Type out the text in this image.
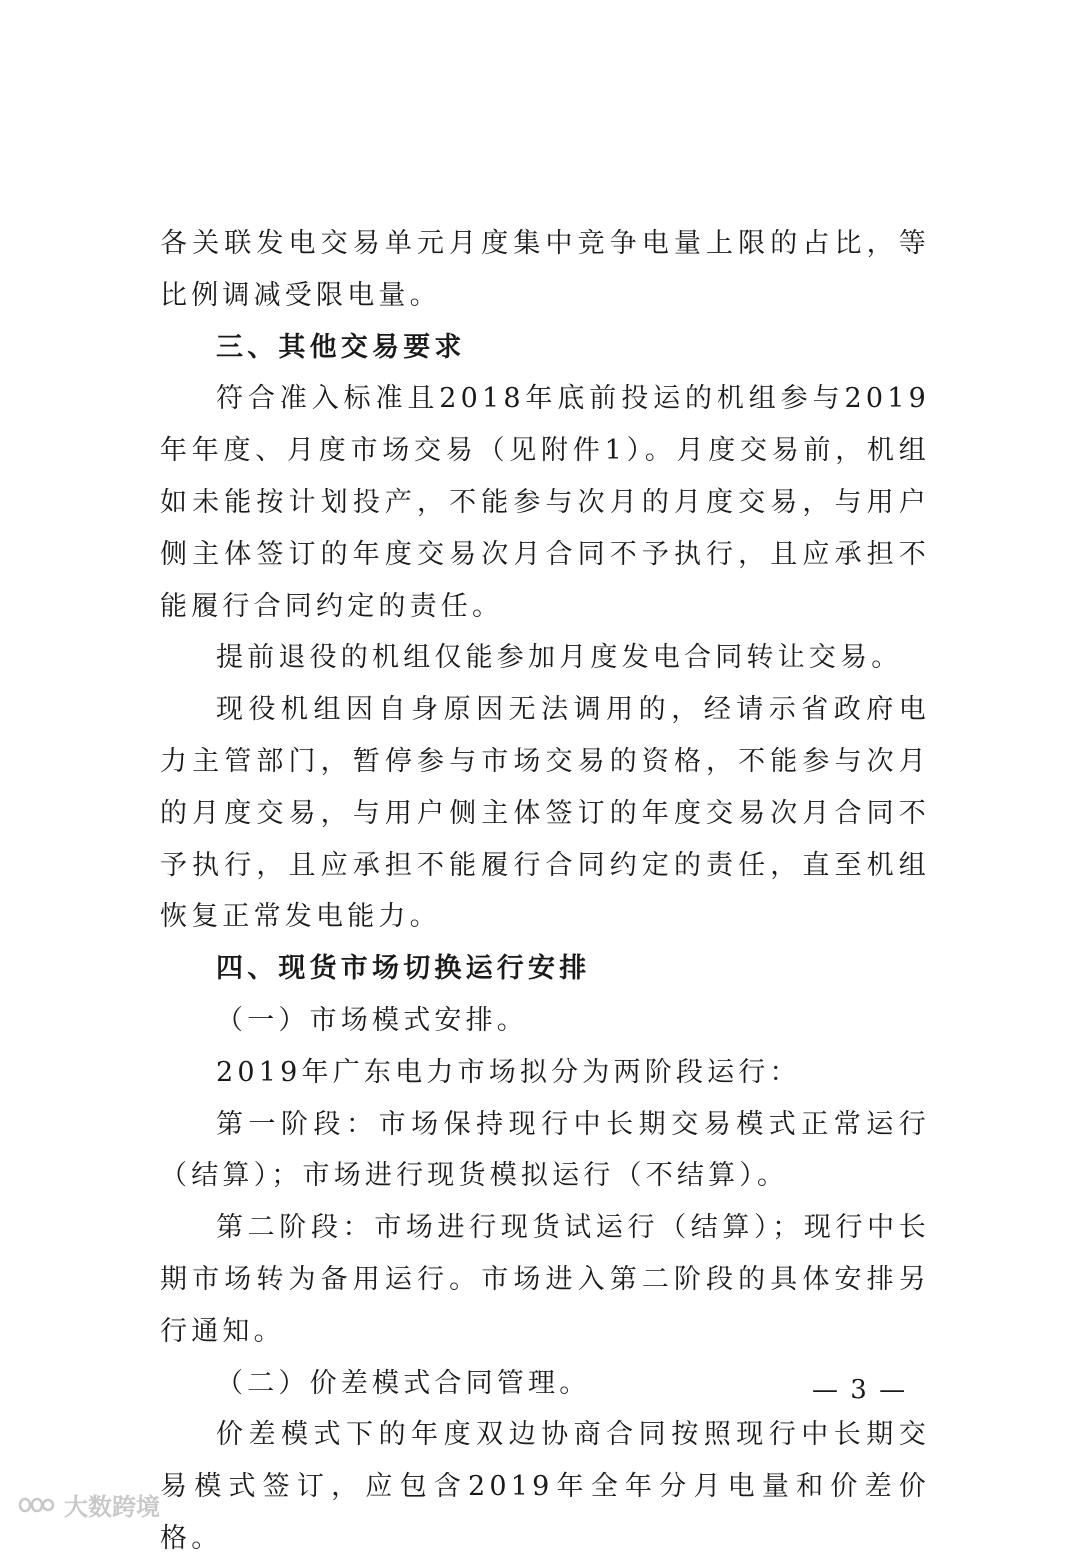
各关联发电交易单元月度集中竞争电量上限的占比，等比例调减受限电量。

三、其他交易要求

符合准入标准且2018年底前投运的机组参与2019年年度、月度市场交易（见附件1）。月度交易前，机组如未能按计划投产，不能参与次月的月度交易，与用户侧主体签订的年度交易次月合同不予执行，且应承担不能履行合同约定的责任。

提前退役的机组仅能参加月度发电合同转让交易。

现役机组因自身原因无法调用的，经请示省政府电力主管部门，暂停参与市场交易的资格，不能参与次月的月度交易，与用户侧主体签订的年度交易次月合同不予执行，且应承担不能履行合同约定的责任，直至机组恢复正常发电能力。

四、现货市场切换运行安排

（一）市场模式安排。

2019年广东电力市场拟分为两阶段运行：

第一阶段：市场保持现行中长期交易模式正常运行（结算）；市场进行现货模拟运行（不结算）。

第二阶段：市场进行现货试运行（结算）；现行中长期市场转为备用运行。市场进入第二阶段的具体安排另行通知。

（二）价差模式合同管理。

价差模式下的年度双边协商合同按照现行中长期交易模式签订，应包含2019年全年分月电量和价差价格。

— 3 —
大数跨境
